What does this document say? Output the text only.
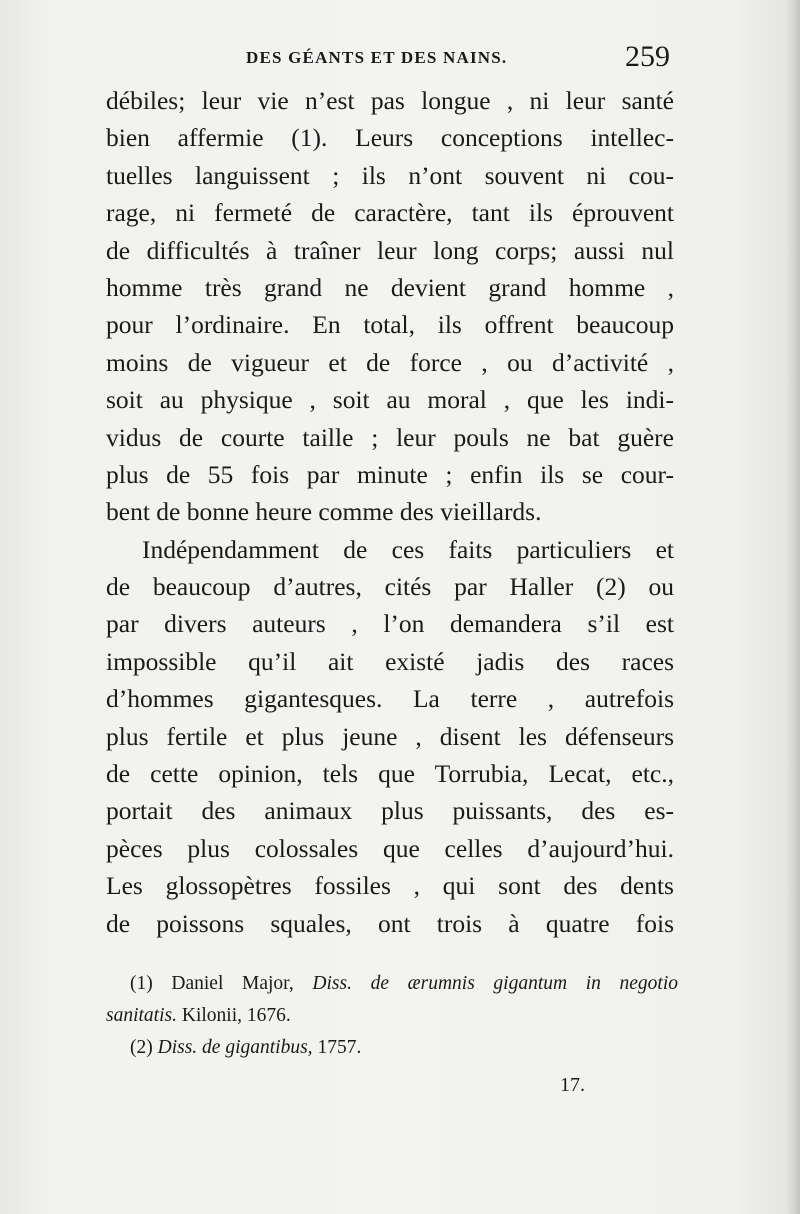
DES GÉANTS ET DES NAINS.	259
débiles; leur vie n’est pas longue , ni leur santé
bien affermie (1). Leurs conceptions intellec-
tuelles languissent ; ils n’ont souvent ni cou-
rage, ni fermeté de caractère, tant ils éprouvent
de difficultés à traîner leur long corps; aussi nul
homme très grand ne devient grand homme ,
pour l’ordinaire. En total, ils offrent beaucoup
moins de vigueur et de force , ou d’activité ,
soit au physique , soit au moral , que les indi-
vidus de courte taille ; leur pouls ne bat guère
plus de 55 fois par minute ; enfin ils se cour-
bent de bonne heure comme des vieillards.
Indépendamment de ces faits particuliers et
de beaucoup d’autres, cités par Haller (2) ou
par divers auteurs , l’on demandera s’il est
impossible qu’il ait existé jadis des races
d’hommes gigantesques. La terre , autrefois
plus fertile et plus jeune , disent les défenseurs
de cette opinion, tels que Torrubia, Lecat, etc.,
portait des animaux plus puissants, des es-
pèces plus colossales que celles d’aujourd’hui.
Les glossopètres fossiles , qui sont des dents
de poissons squales, ont trois à quatre fois
(1) Daniel Major, Diss. de ærumnis gigantum in negotio
sanitatis. Kilonii, 1676.
(2) Diss. de gigantibus, 1757.
17.
